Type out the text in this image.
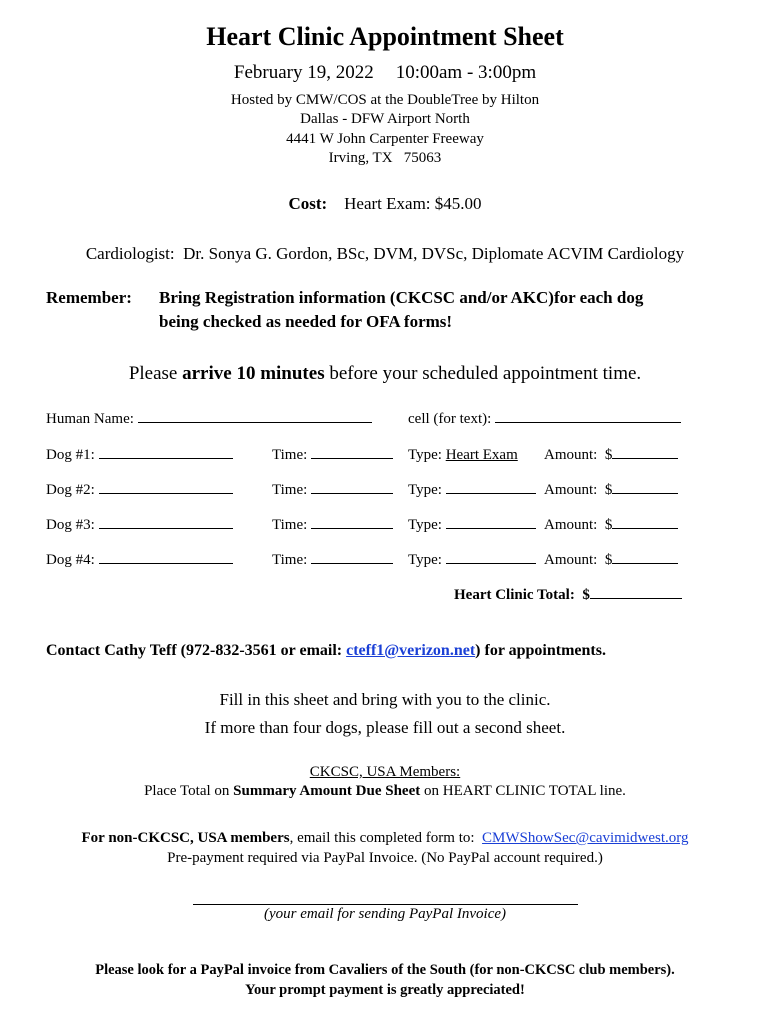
Heart Clinic Appointment Sheet
February 19, 2022 10:00am - 3:00pm
Hosted by CMW/COS at the DoubleTree by Hilton
Dallas - DFW Airport North
4441 W John Carpenter Freeway
Irving, TX   75063
Cost: Heart Exam: $45.00
Cardiologist:  Dr. Sonya G. Gordon, BSc, DVM, DVSc, Diplomate ACVIM Cardiology
Remember: Bring Registration information (CKCSC and/or AKC)for each dog
being checked as needed for OFA forms!
Please arrive 10 minutes before your scheduled appointment time.
Human Name:	cell (for text):
Dog #1:	Time:	Type: Heart Exam Amount: $
Dog #2:	Time:	Type:	Amount: $
Dog #3:	Time:	Type:	Amount: $
Dog #4:	Time:	Type:	Amount: $
Heart Clinic Total: $
Contact Cathy Teff (972-832-3561 or email: cteff1@verizon.net) for appointments.
Fill in this sheet and bring with you to the clinic.
If more than four dogs, please fill out a second sheet.
CKCSC, USA Members:
Place Total on Summary Amount Due Sheet on HEART CLINIC TOTAL line.
For non-CKCSC, USA members, email this completed form to:  CMWShowSec@cavimidwest.org
Pre-payment required via PayPal Invoice. (No PayPal account required.)
(your email for sending PayPal Invoice)
Please look for a PayPal invoice from Cavaliers of the South (for non-CKCSC club members).
Your prompt payment is greatly appreciated!
